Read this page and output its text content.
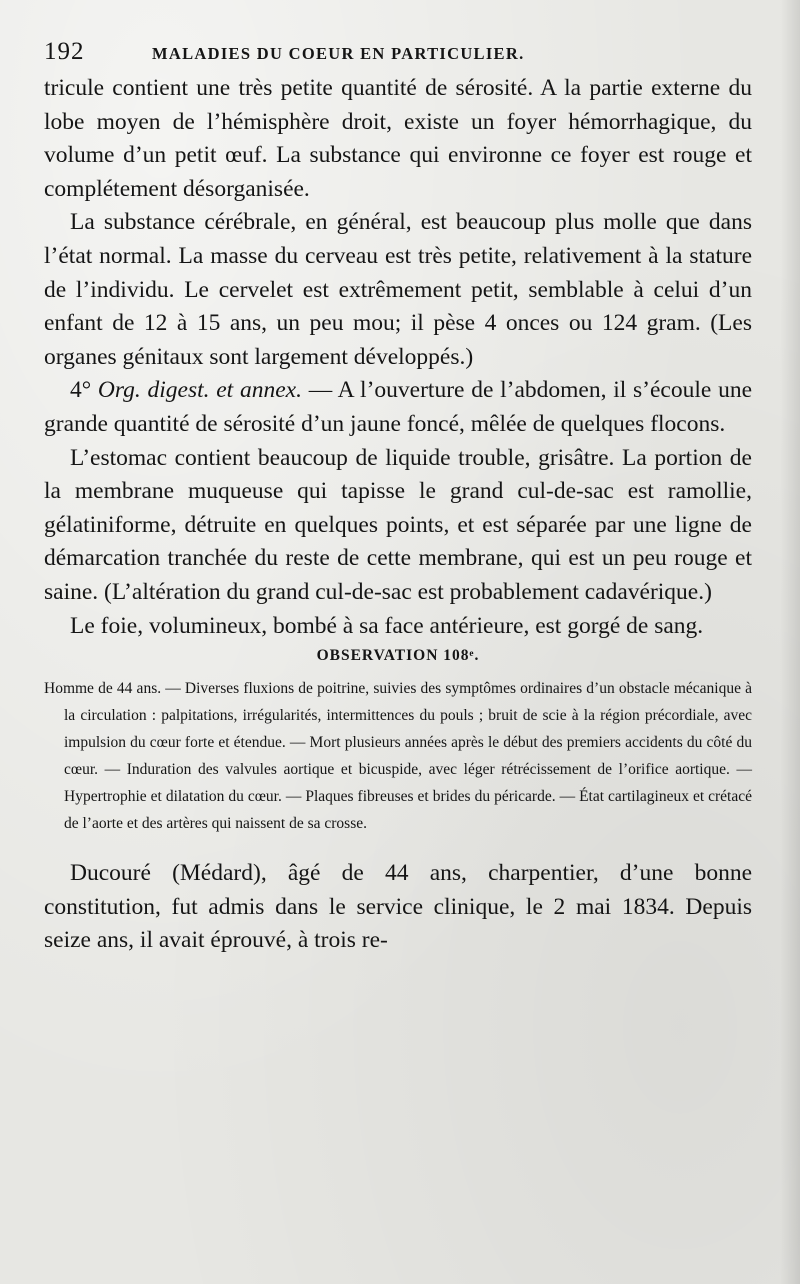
192	MALADIES DU COEUR EN PARTICULIER.

tricule contient une très petite quantité de sérosité. A la partie externe du lobe moyen de l’hémisphère droit, existe un foyer hémorrhagique, du volume d’un petit œuf. La substance qui environne ce foyer est rouge et complétement désorganisée.

La substance cérébrale, en général, est beaucoup plus molle que dans l’état normal. La masse du cerveau est très petite, relativement à la stature de l’individu. Le cervelet est extrêmement petit, semblable à celui d’un enfant de 12 à 15 ans, un peu mou; il pèse 4 onces ou 124 gram. (Les organes génitaux sont largement développés.)

4° Org. digest. et annex. — A l’ouverture de l’abdomen, il s’écoule une grande quantité de sérosité d’un jaune foncé, mêlée de quelques flocons.

L’estomac contient beaucoup de liquide trouble, grisâtre. La portion de la membrane muqueuse qui tapisse le grand cul-de-sac est ramollie, gélatiniforme, détruite en quelques points, et est séparée par une ligne de démarcation tranchée du reste de cette membrane, qui est un peu rouge et saine. (L’altération du grand cul-de-sac est probablement cadavérique.)

Le foie, volumineux, bombé à sa face antérieure, est gorgé de sang.

OBSERVATION 108ᵉ.

Homme de 44 ans. — Diverses fluxions de poitrine, suivies des symptômes ordinaires d’un obstacle mécanique à la circulation : palpitations, irrégularités, intermittences du pouls ; bruit de scie à la région précordiale, avec impulsion du cœur forte et étendue. — Mort plusieurs années après le début des premiers accidents du côté du cœur. — Induration des valvules aortique et bicuspide, avec léger rétrécissement de l’orifice aortique. — Hypertrophie et dilatation du cœur. — Plaques fibreuses et brides du péricarde. — État cartilagineux et crétacé de l’aorte et des artères qui naissent de sa crosse.

Ducouré (Médard), âgé de 44 ans, charpentier, d’une bonne constitution, fut admis dans le service clinique, le 2 mai 1834. Depuis seize ans, il avait éprouvé, à trois re-
